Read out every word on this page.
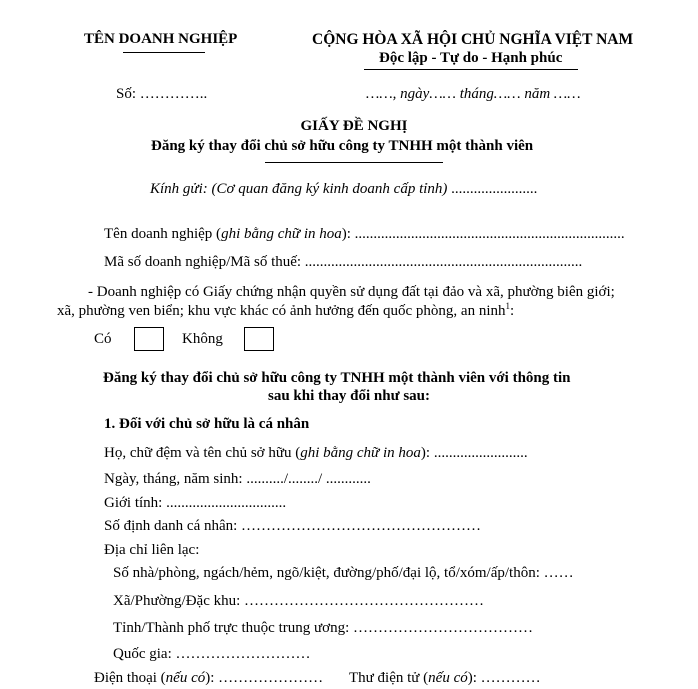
TÊN DOANH NGHIỆP	CỘNG HÒA XÃ HỘI CHỦ NGHĨA VIỆT NAM
Độc lập - Tự do - Hạnh phúc
Số: …………..	……, ngày…… tháng…… năm ……
GIẤY ĐỀ NGHỊ
Đăng ký thay đổi chủ sở hữu công ty TNHH một thành viên
Kính gửi: (Cơ quan đăng ký kinh doanh cấp tỉnh) .......................
Tên doanh nghiệp (ghi bằng chữ in hoa): ........................................................................
Mã số doanh nghiệp/Mã số thuế: ..........................................................................
- Doanh nghiệp có Giấy chứng nhận quyền sử dụng đất tại đảo và xã, phường biên giới;
xã, phường ven biển; khu vực khác có ảnh hưởng đến quốc phòng, an ninh$^1$:
Có	Không
Đăng ký thay đổi chủ sở hữu công ty TNHH một thành viên với thông tin
sau khi thay đổi như sau:
1. Đối với chủ sở hữu là cá nhân
Họ, chữ đệm và tên chủ sở hữu (ghi bằng chữ in hoa): .........................
Ngày, tháng, năm sinh: ........../......../ ............
Giới tính: ................................
Số định danh cá nhân: …………………………………………
Địa chỉ liên lạc:
Số nhà/phòng, ngách/hẻm, ngõ/kiệt, đường/phố/đại lộ, tổ/xóm/ấp/thôn: ……
Xã/Phường/Đặc khu: …………………………………………
Tỉnh/Thành phố trực thuộc trung ương: ………………………………
Quốc gia: ………………………
Điện thoại (nếu có): ………………… Thư điện tử (nếu có): …………
